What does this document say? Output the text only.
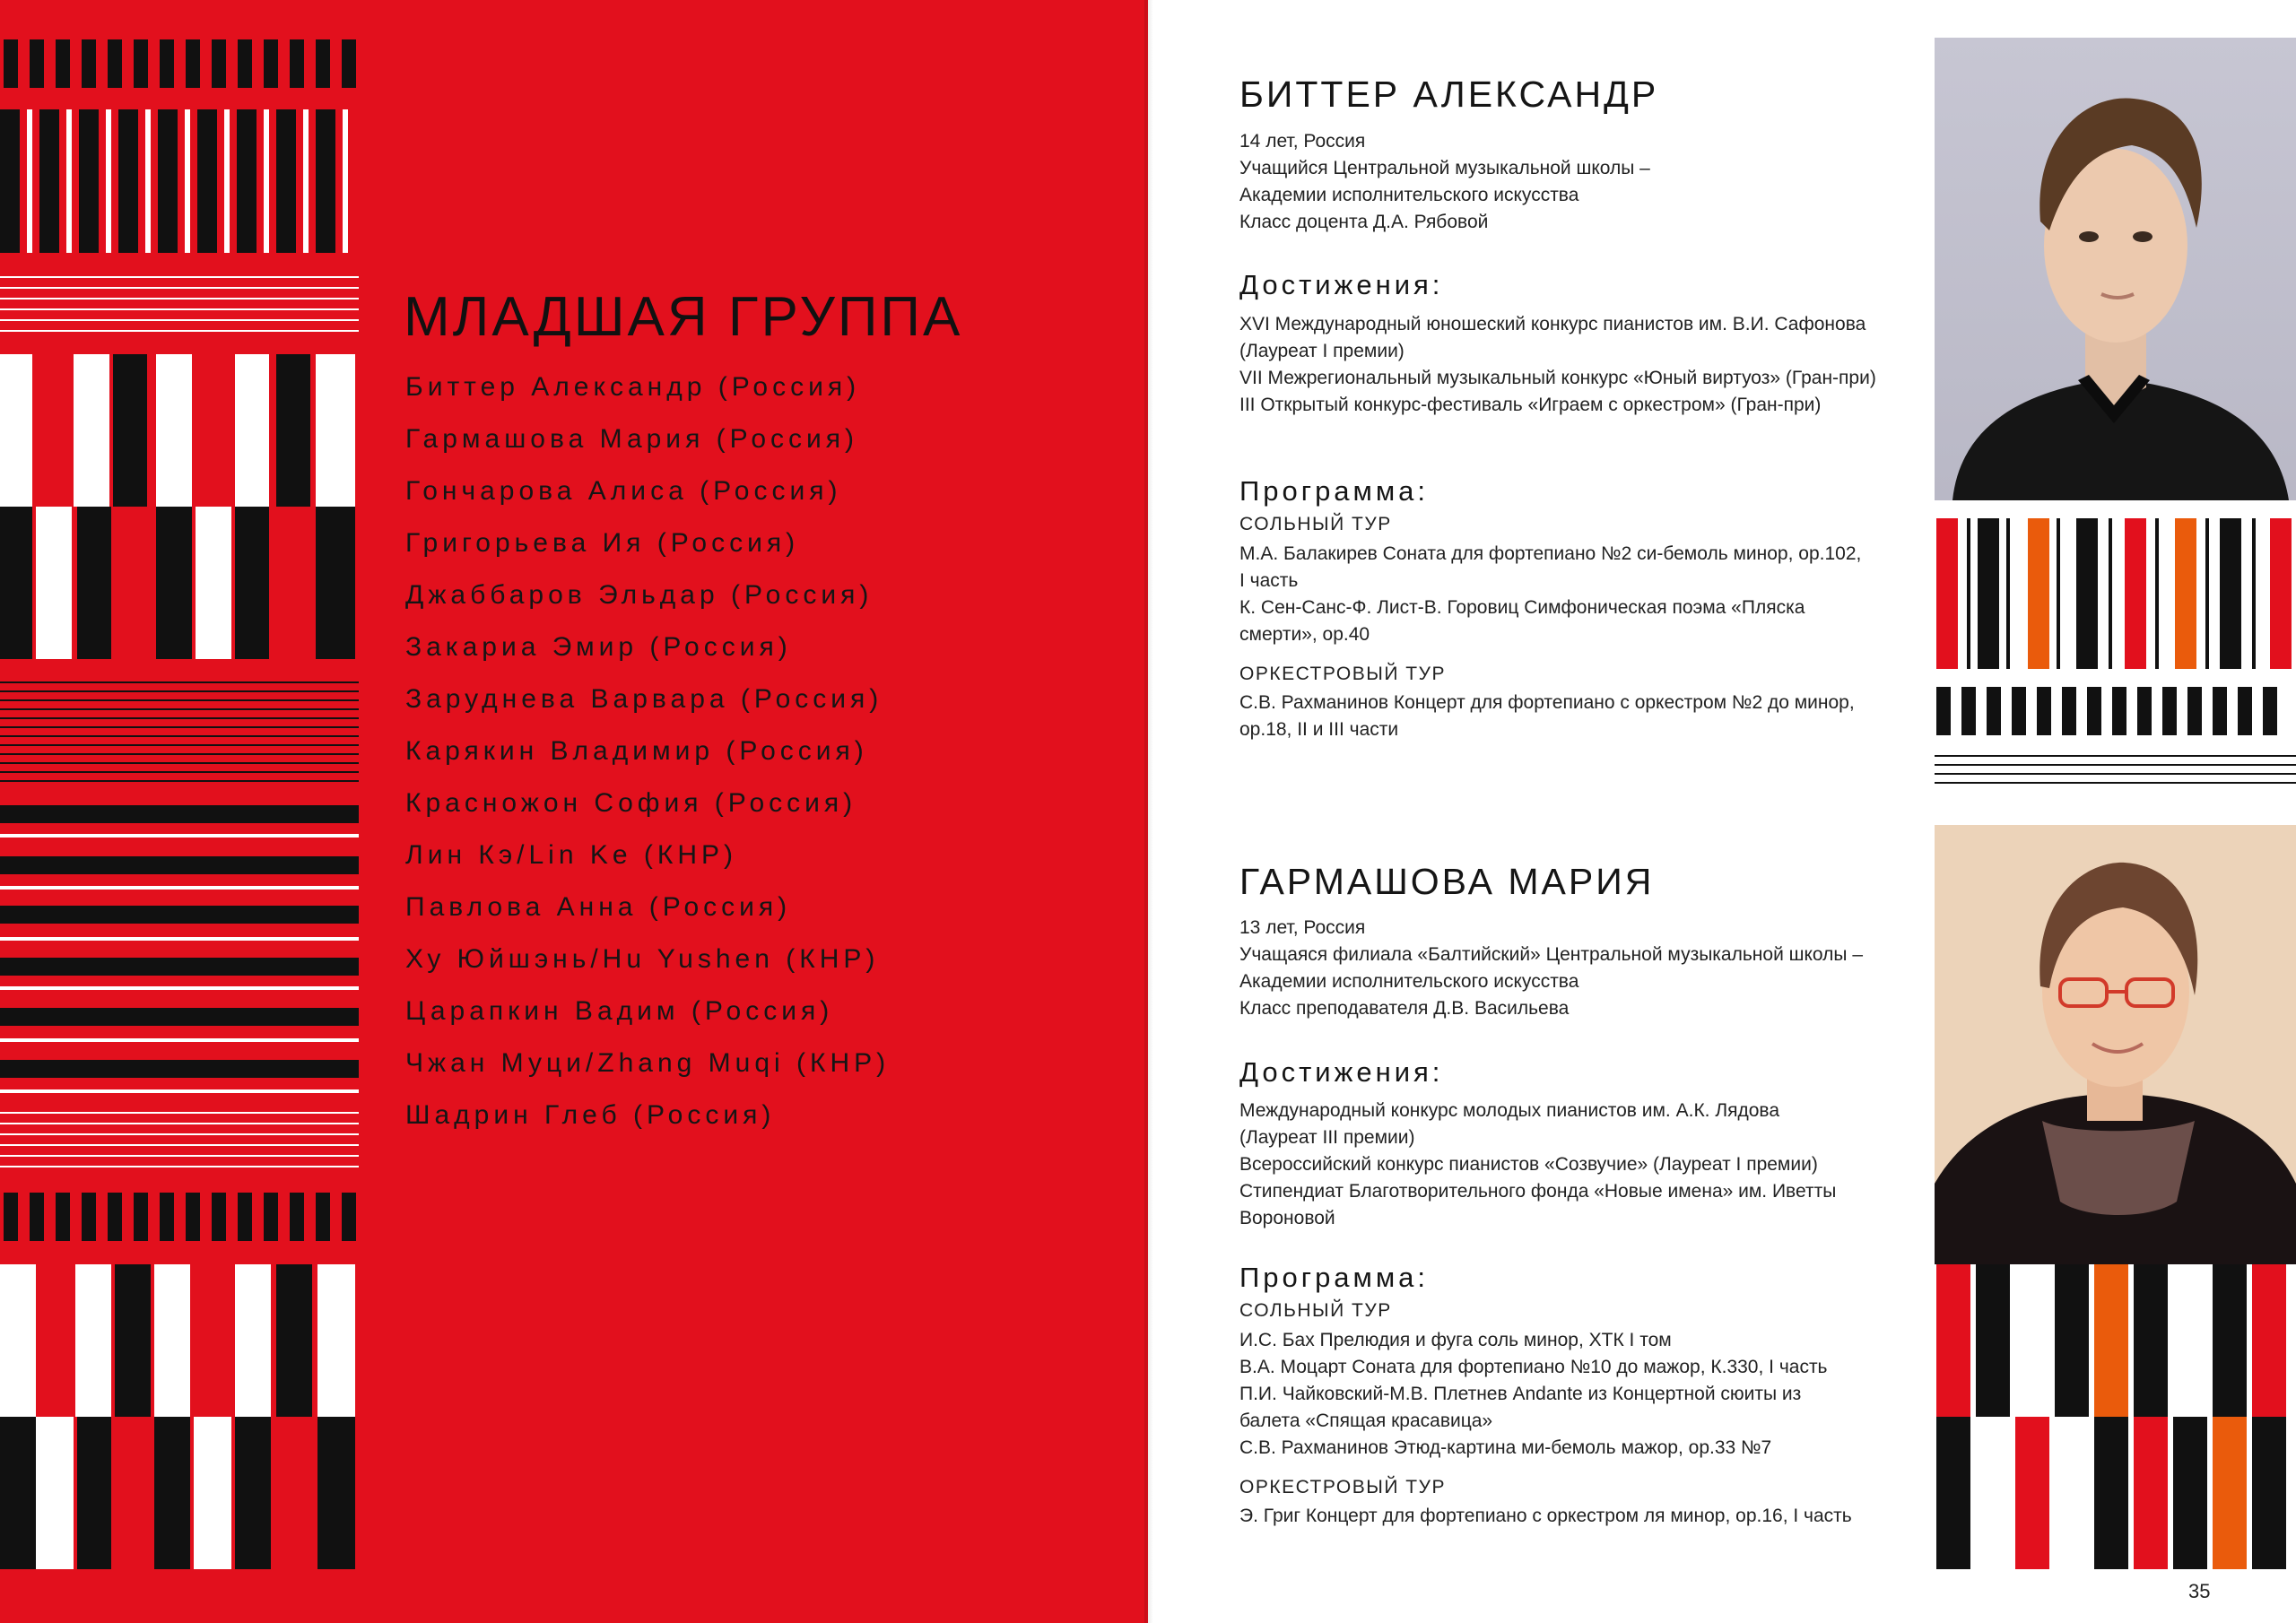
МЛАДШАЯ ГРУППА
Биттер Александр (Россия)
Гармашова Мария (Россия)
Гончарова Алиса (Россия)
Григорьева Ия (Россия)
Джаббаров Эльдар (Россия)
Закариа Эмир (Россия)
Заруднева Варвара (Россия)
Карякин Владимир (Россия)
Красножон София (Россия)
Лин Кэ/Lin Ke (КНР)
Павлова Анна (Россия)
Ху Юйшэнь/Hu Yushen (КНР)
Царапкин Вадим (Россия)
Чжан Муци/Zhang Muqi (КНР)
Шадрин Глеб (Россия)
БИТТЕР АЛЕКСАНДР
14 лет, Россия
Учащийся Центральной музыкальной школы –
Академии исполнительского искусства
Класс доцента Д.А. Рябовой
Достижения:
XVI Международный юношеский конкурс пианистов им. В.И. Сафонова
(Лауреат I премии)
VII Межрегиональный музыкальный конкурс «Юный виртуоз» (Гран-при)
III Открытый конкурс-фестиваль «Играем с оркестром» (Гран-при)
Программа:
СОЛЬНЫЙ ТУР
М.А. Балакирев Соната для фортепиано №2 си-бемоль минор, ор.102,
I часть
К. Сен-Санс-Ф. Лист-В. Горовиц Симфоническая поэма «Пляска
смерти», ор.40
ОРКЕСТРОВЫЙ ТУР
С.В. Рахманинов Концерт для фортепиано с оркестром №2 до минор,
ор.18, II и III части
ГАРМАШОВА МАРИЯ
13 лет, Россия
Учащаяся филиала «Балтийский» Центральной музыкальной школы –
Академии исполнительского искусства
Класс преподавателя Д.В. Васильева
Достижения:
Международный конкурс молодых пианистов им. А.К. Лядова
(Лауреат III премии)
Всероссийский конкурс пианистов «Созвучие» (Лауреат I премии)
Стипендиат Благотворительного фонда «Новые имена» им. Иветты
Вороновой
Программа:
СОЛЬНЫЙ ТУР
И.С. Бах Прелюдия и фуга соль минор, ХТК I том
В.А. Моцарт Соната для фортепиано №10 до мажор, К.330, I часть
П.И. Чайковский-М.В. Плетнев Andante из Концертной сюиты из
балета «Спящая красавица»
С.В. Рахманинов Этюд-картина ми-бемоль мажор, ор.33 №7
ОРКЕСТРОВЫЙ ТУР
Э. Григ Концерт для фортепиано с оркестром ля минор, ор.16, I часть
35
